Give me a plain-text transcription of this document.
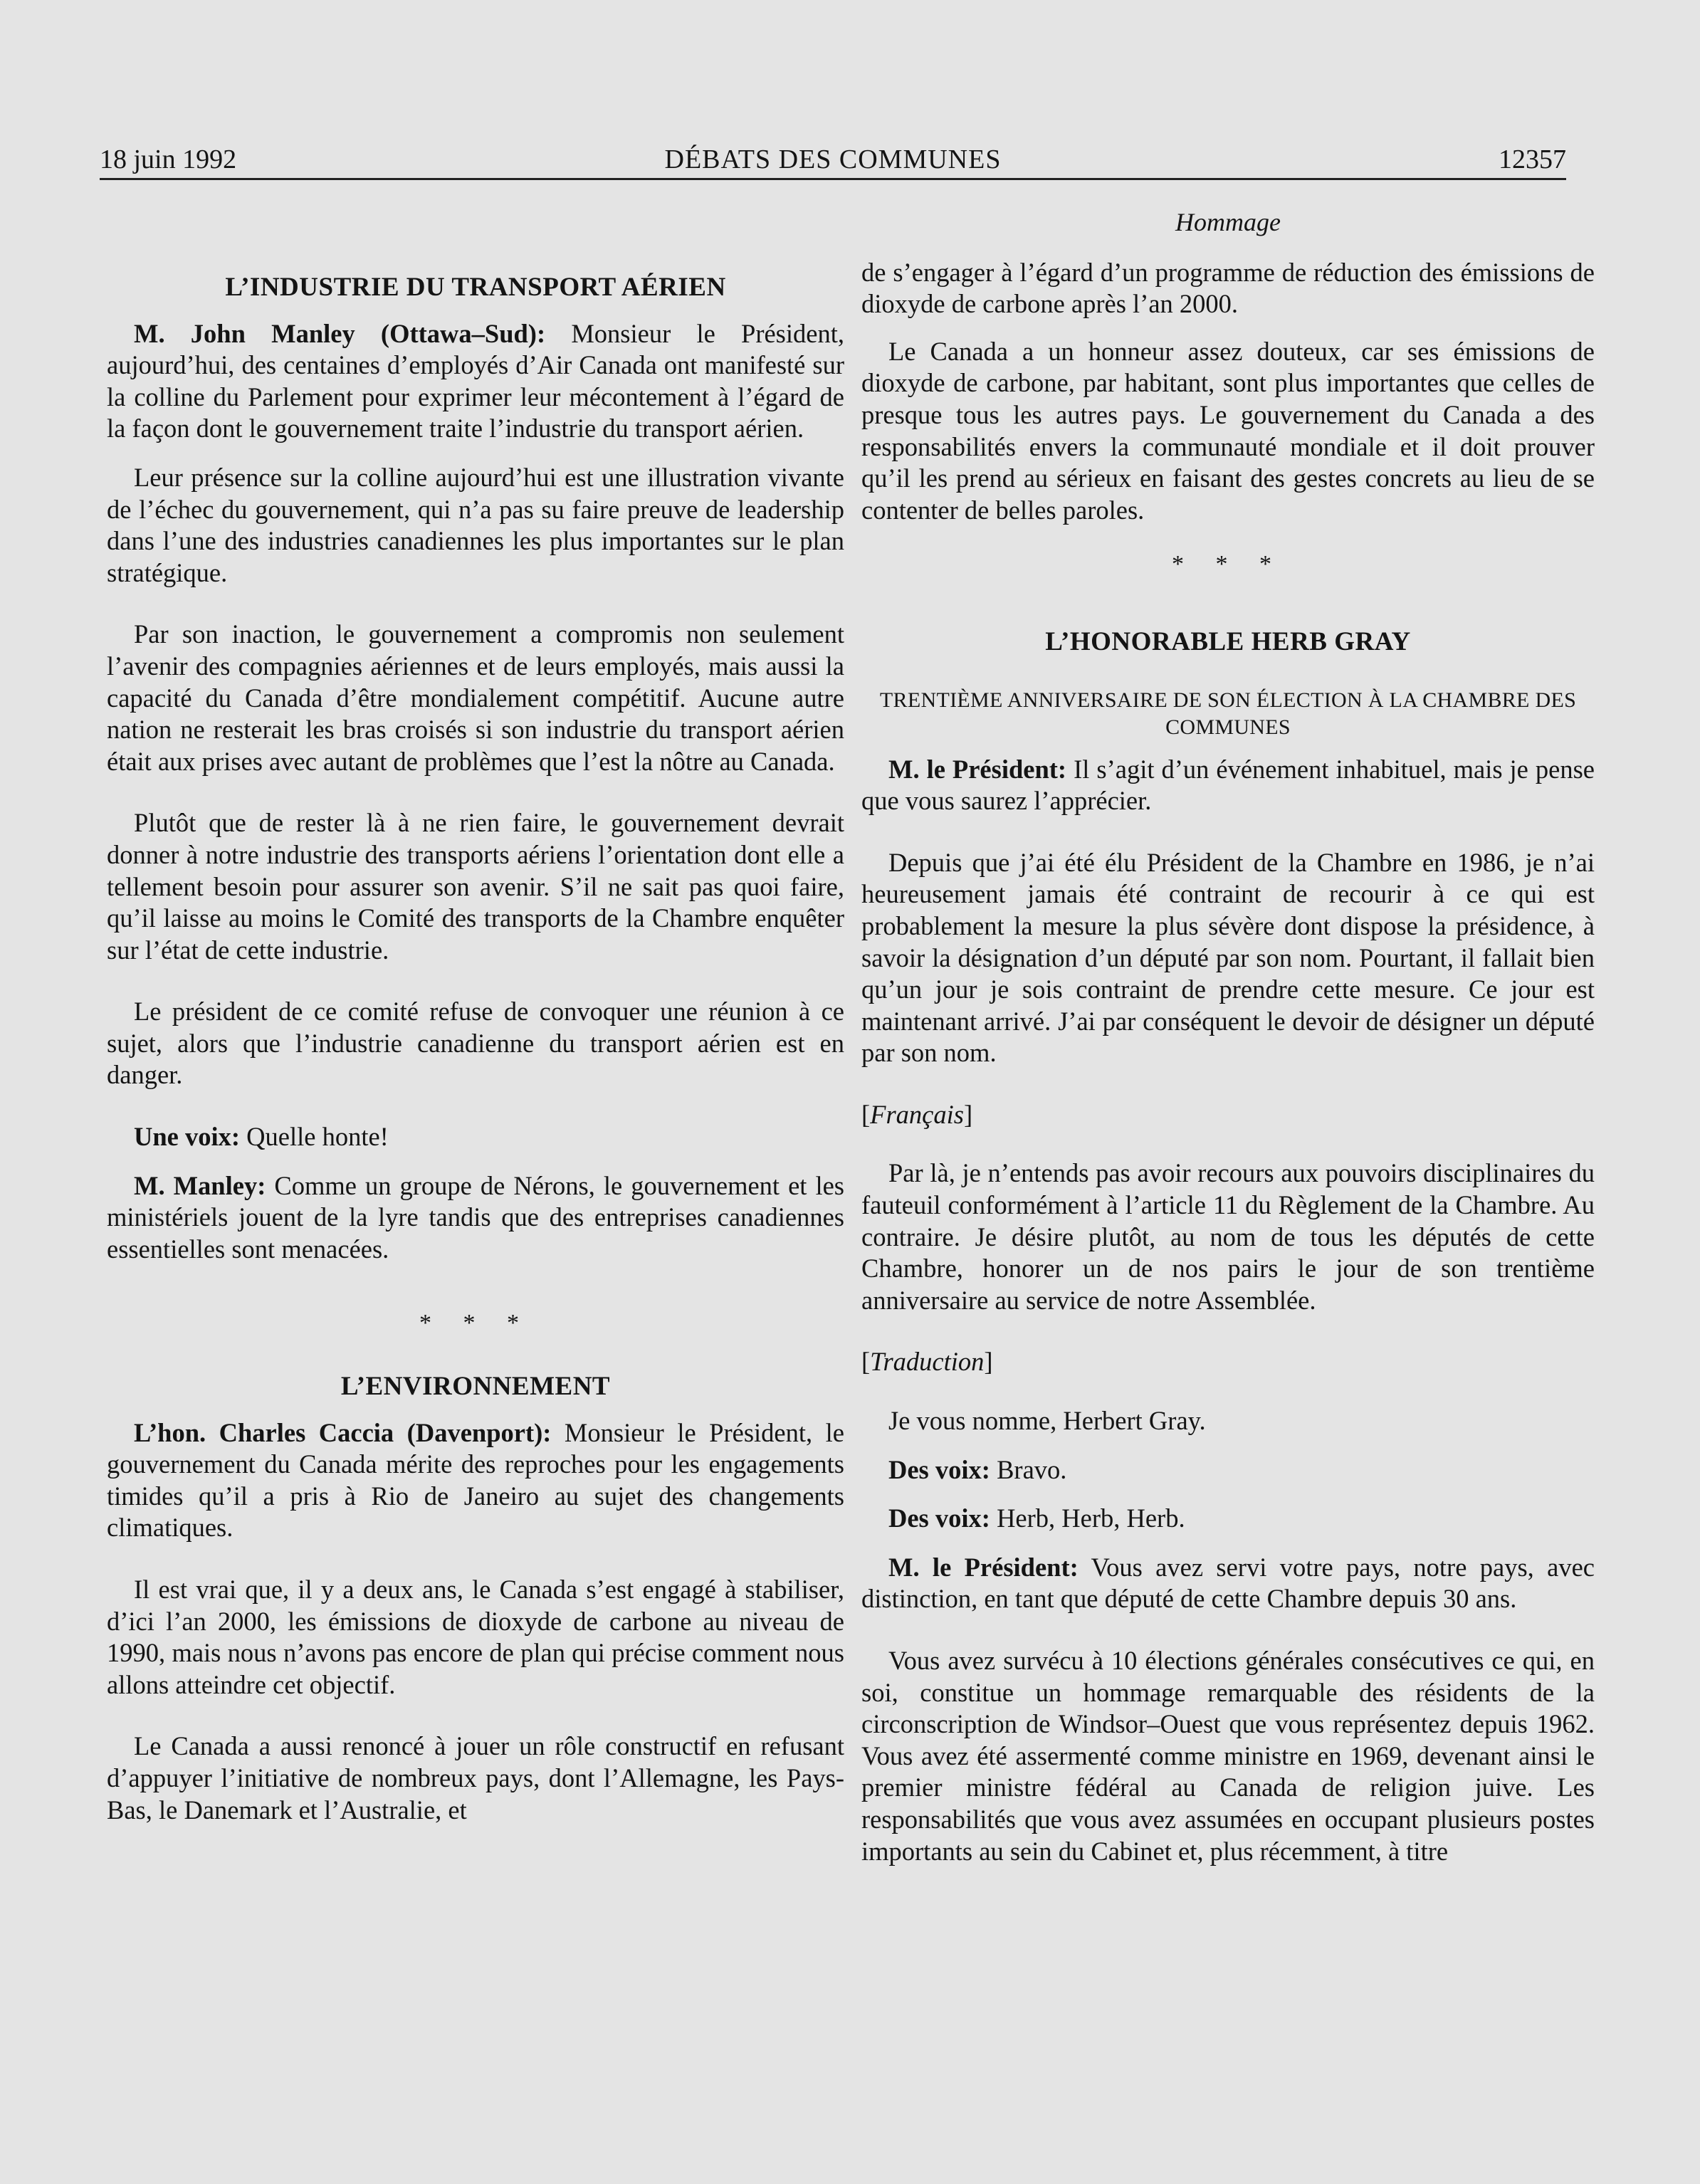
18 juin 1992	DÉBATS DES COMMUNES	12357
L’INDUSTRIE DU TRANSPORT AÉRIEN

M. John Manley (Ottawa–Sud): Monsieur le Président, aujourd’hui, des centaines d’employés d’Air Canada ont manifesté sur la colline du Parlement pour exprimer leur mécontement à l’égard de la façon dont le gouvernement traite l’industrie du transport aérien.

Leur présence sur la colline aujourd’hui est une illustration vivante de l’échec du gouvernement, qui n’a pas su faire preuve de leadership dans l’une des industries canadiennes les plus importantes sur le plan stratégique.

Par son inaction, le gouvernement a compromis non seulement l’avenir des compagnies aériennes et de leurs employés, mais aussi la capacité du Canada d’être mondialement compétitif. Aucune autre nation ne resterait les bras croisés si son industrie du transport aérien était aux prises avec autant de problèmes que l’est la nôtre au Canada.

Plutôt que de rester là à ne rien faire, le gouvernement devrait donner à notre industrie des transports aériens l’orientation dont elle a tellement besoin pour assurer son avenir. S’il ne sait pas quoi faire, qu’il laisse au moins le Comité des transports de la Chambre enquêter sur l’état de cette industrie.

Le président de ce comité refuse de convoquer une réunion à ce sujet, alors que l’industrie canadienne du transport aérien est en danger.

Une voix: Quelle honte!

M. Manley: Comme un groupe de Nérons, le gouvernement et les ministériels jouent de la lyre tandis que des entreprises canadiennes essentielles sont menacées.

* * *
L’ENVIRONNEMENT

L’hon. Charles Caccia (Davenport): Monsieur le Président, le gouvernement du Canada mérite des reproches pour les engagements timides qu’il a pris à Rio de Janeiro au sujet des changements climatiques.

Il est vrai que, il y a deux ans, le Canada s’est engagé à stabiliser, d’ici l’an 2000, les émissions de dioxyde de carbone au niveau de 1990, mais nous n’avons pas encore de plan qui précise comment nous allons atteindre cet objectif.

Le Canada a aussi renoncé à jouer un rôle constructif en refusant d’appuyer l’initiative de nombreux pays, dont l’Allemagne, les Pays-Bas, le Danemark et l’Australie, et

Hommage

de s’engager à l’égard d’un programme de réduction des émissions de dioxyde de carbone après l’an 2000.

Le Canada a un honneur assez douteux, car ses émissions de dioxyde de carbone, par habitant, sont plus importantes que celles de presque tous les autres pays. Le gouvernement du Canada a des responsabilités envers la communauté mondiale et il doit prouver qu’il les prend au sérieux en faisant des gestes concrets au lieu de se contenter de belles paroles.

* * *
L’HONORABLE HERB GRAY
TRENTIÈME ANNIVERSAIRE DE SON ÉLECTION À LA CHAMBRE DES COMMUNES

M. le Président: Il s’agit d’un événement inhabituel, mais je pense que vous saurez l’apprécier.

Depuis que j’ai été élu Président de la Chambre en 1986, je n’ai heureusement jamais été contraint de recourir à ce qui est probablement la mesure la plus sévère dont dispose la présidence, à savoir la désignation d’un député par son nom. Pourtant, il fallait bien qu’un jour je sois contraint de prendre cette mesure. Ce jour est maintenant arrivé. J’ai par conséquent le devoir de désigner un député par son nom.

[Français]

Par là, je n’entends pas avoir recours aux pouvoirs disciplinaires du fauteuil conformément à l’article 11 du Règlement de la Chambre. Au contraire. Je désire plutôt, au nom de tous les députés de cette Chambre, honorer un de nos pairs le jour de son trentième anniversaire au service de notre Assemblée.

[Traduction]

Je vous nomme, Herbert Gray.

Des voix: Bravo.

Des voix: Herb, Herb, Herb.

M. le Président: Vous avez servi votre pays, notre pays, avec distinction, en tant que député de cette Chambre depuis 30 ans.

Vous avez survécu à 10 élections générales consécutives ce qui, en soi, constitue un hommage remarquable des résidents de la circonscription de Windsor–Ouest que vous représentez depuis 1962. Vous avez été assermenté comme ministre en 1969, devenant ainsi le premier ministre fédéral au Canada de religion juive. Les responsabilités que vous avez assumées en occupant plusieurs postes importants au sein du Cabinet et, plus récemment, à titre
